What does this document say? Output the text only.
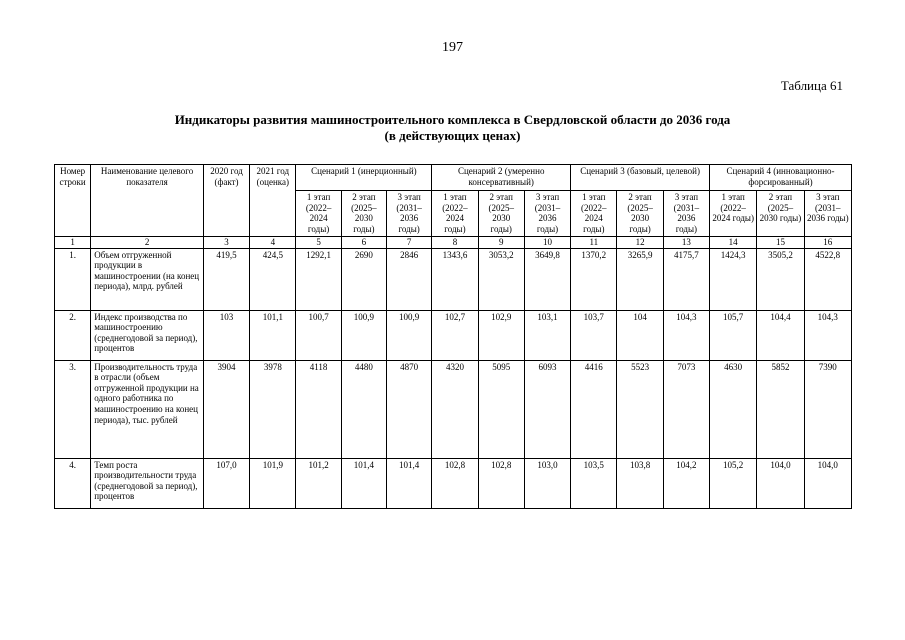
197
Таблица 61
Индикаторы развития машиностроительного комплекса в Свердловской области до 2036 года
(в действующих ценах)
Номер строки	Наименование целевого показателя	2020 год (факт)	2021 год (оценка)	Сценарий 1 (инерционный)			Сценарий 2 (умеренно консервативный)			Сценарий 3 (базовый, целевой)			Сценарий 4 (инновационно-форсированный)		
				1 этап (2022–2024 годы)	2 этап (2025–2030 годы)	3 этап (2031–2036 годы)	1 этап (2022–2024 годы)	2 этап (2025–2030 годы)	3 этап (2031–2036 годы)	1 этап (2022–2024 годы)	2 этап (2025–2030 годы)	3 этап (2031–2036 годы)	1 этап (2022–2024 годы)	2 этап (2025–2030 годы)	3 этап (2031–2036 годы)
1	2	3	4	5	6	7	8	9	10	11	12	13	14	15	16
1.	Объем отгруженной продукции в машиностроении (на конец периода), млрд. рублей	419,5	424,5	1292,1	2690	2846	1343,6	3053,2	3649,8	1370,2	3265,9	4175,7	1424,3	3505,2	4522,8
2.	Индекс производства по машиностроению (среднегодовой за период), процентов	103	101,1	100,7	100,9	100,9	102,7	102,9	103,1	103,7	104	104,3	105,7	104,4	104,3
3.	Производительность труда в отрасли (объем отгруженной продукции на одного работника по машиностроению на конец периода), тыс. рублей	3904	3978	4118	4480	4870	4320	5095	6093	4416	5523	7073	4630	5852	7390
4.	Темп роста производительности труда (среднегодовой за период), процентов	107,0	101,9	101,2	101,4	101,4	102,8	102,8	103,0	103,5	103,8	104,2	105,2	104,0	104,0
